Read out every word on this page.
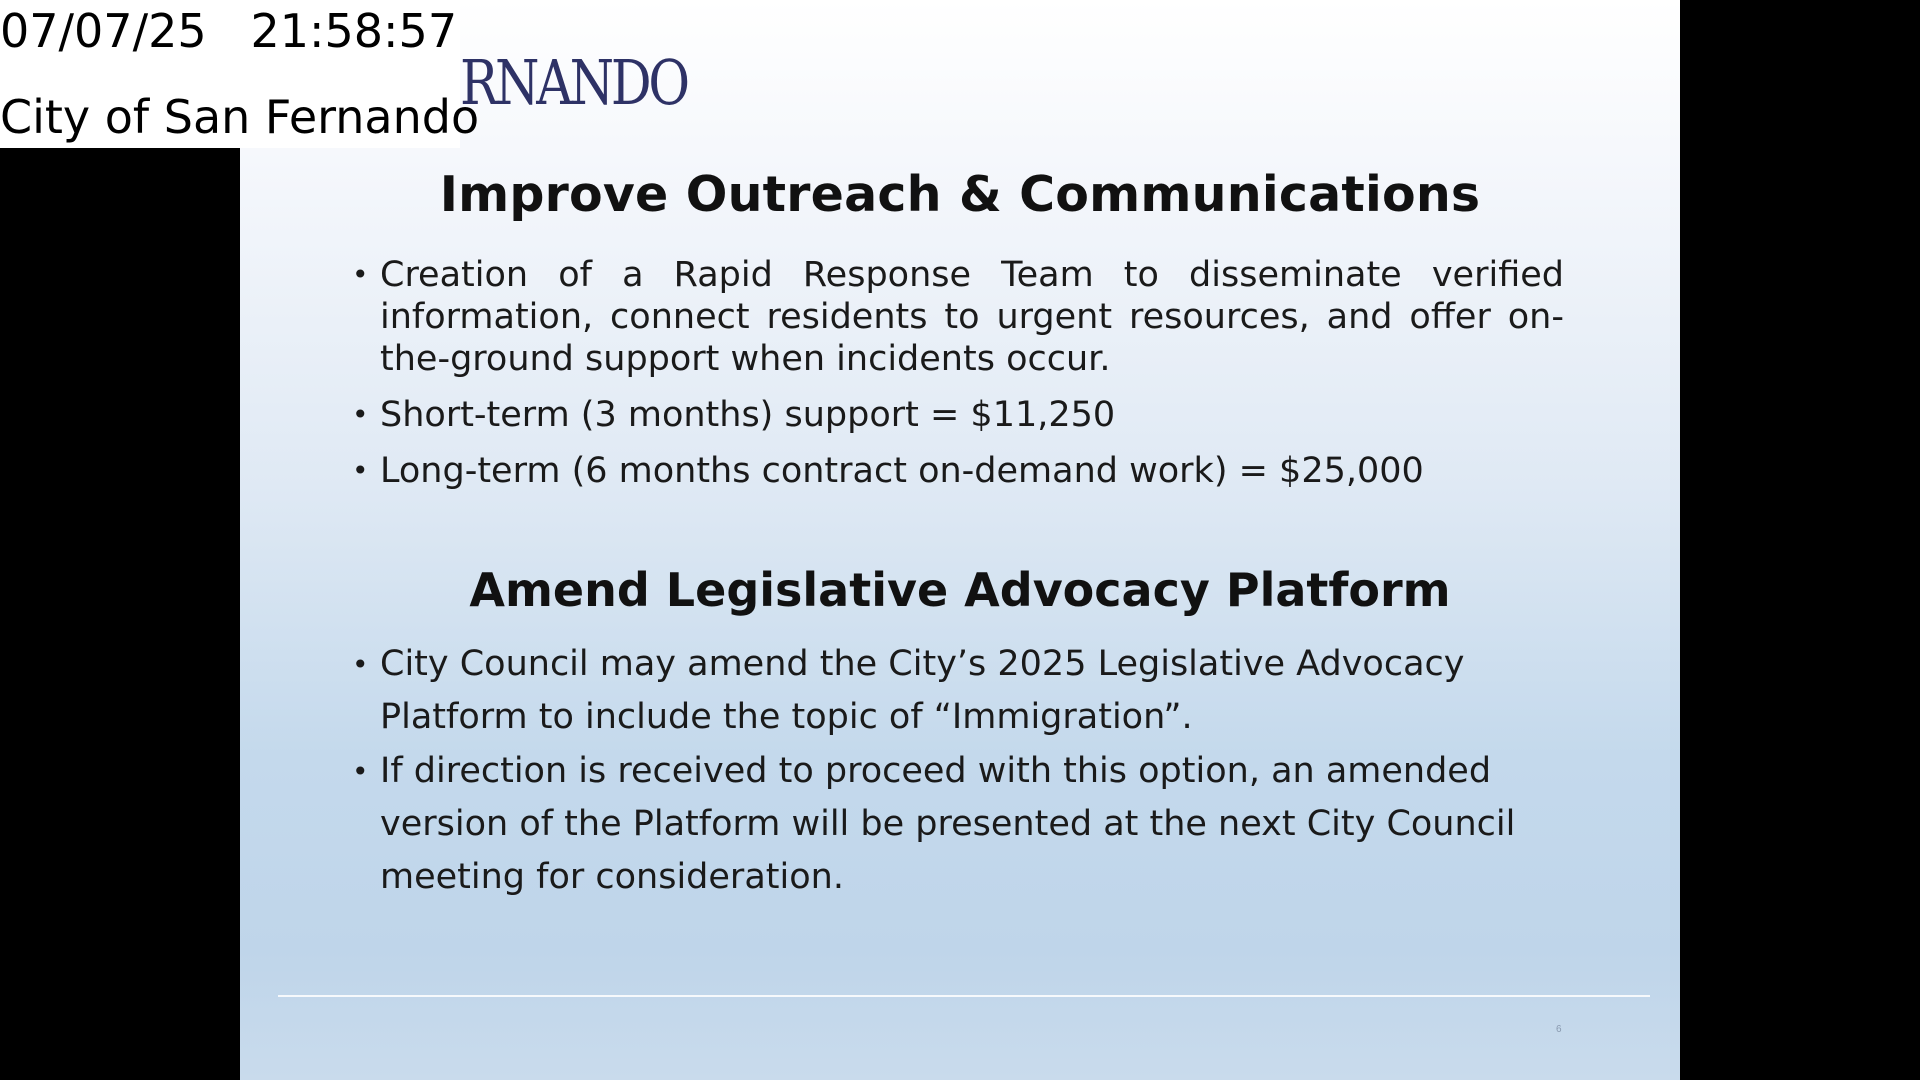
RNANDO
Improve Outreach & Communications
• Creation of a Rapid Response Team to disseminate verified information, connect residents to urgent resources, and offer on-the-ground support when incidents occur.
• Short-term (3 months) support = $11,250
• Long-term (6 months contract on-demand work) = $25,000
Amend Legislative Advocacy Platform
• City Council may amend the City’s 2025 Legislative Advocacy Platform to include the topic of “Immigration”.
• If direction is received to proceed with this option, an amended version of the Platform will be presented at the next City Council meeting for consideration.
6
07/07/25 21:58:57
City of San Fernando
